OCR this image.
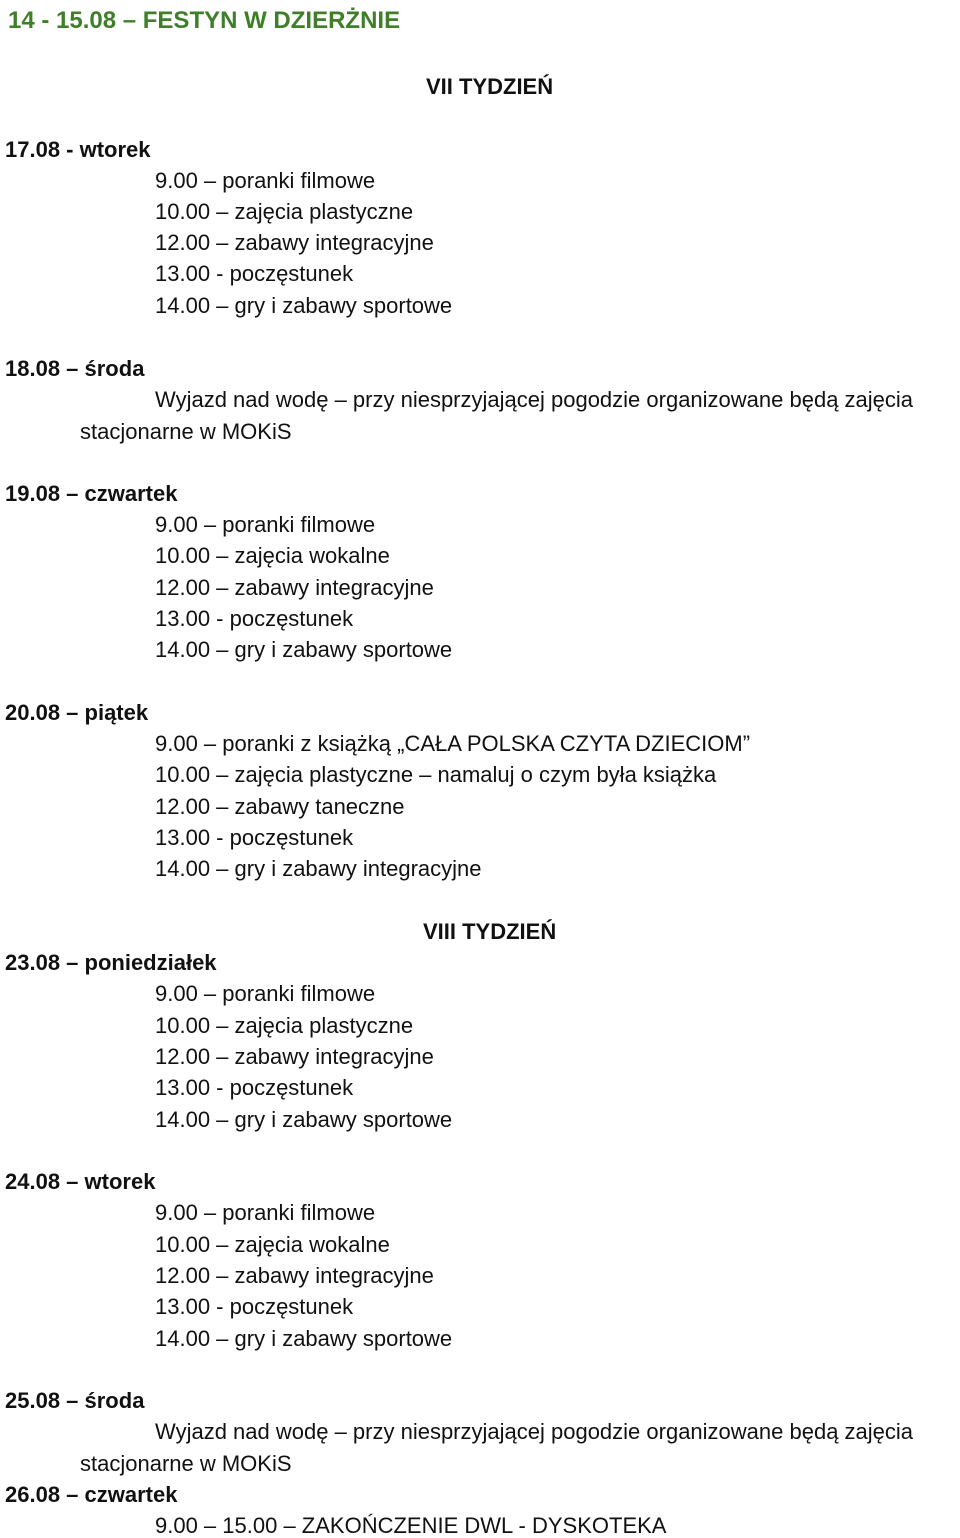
14 - 15.08 – FESTYN W DZIERŻNIE
VII TYDZIEŃ
17.08 - wtorek
9.00 – poranki filmowe
10.00 – zajęcia plastyczne
12.00 – zabawy integracyjne
13.00 - poczęstunek
14.00 – gry i zabawy sportowe
18.08 – środa
Wyjazd nad wodę – przy niesprzyjającej pogodzie organizowane będą zajęcia
stacjonarne w MOKiS
19.08 – czwartek
9.00 – poranki filmowe
10.00 – zajęcia wokalne
12.00 – zabawy integracyjne
13.00 - poczęstunek
14.00 – gry i zabawy sportowe
20.08 – piątek
9.00 – poranki z książką „CAŁA POLSKA CZYTA DZIECIOM”
10.00 – zajęcia plastyczne – namaluj o czym była książka
12.00 – zabawy taneczne
13.00 - poczęstunek
14.00 – gry i zabawy integracyjne
VIII TYDZIEŃ
23.08 – poniedziałek
9.00 – poranki filmowe
10.00 – zajęcia plastyczne
12.00 – zabawy integracyjne
13.00 - poczęstunek
14.00 – gry i zabawy sportowe
24.08 – wtorek
9.00 – poranki filmowe
10.00 – zajęcia wokalne
12.00 – zabawy integracyjne
13.00 - poczęstunek
14.00 – gry i zabawy sportowe
25.08 – środa
Wyjazd nad wodę – przy niesprzyjającej pogodzie organizowane będą zajęcia
stacjonarne w MOKiS
26.08 – czwartek
9.00 – 15.00 – ZAKOŃCZENIE DWL - DYSKOTEKA
